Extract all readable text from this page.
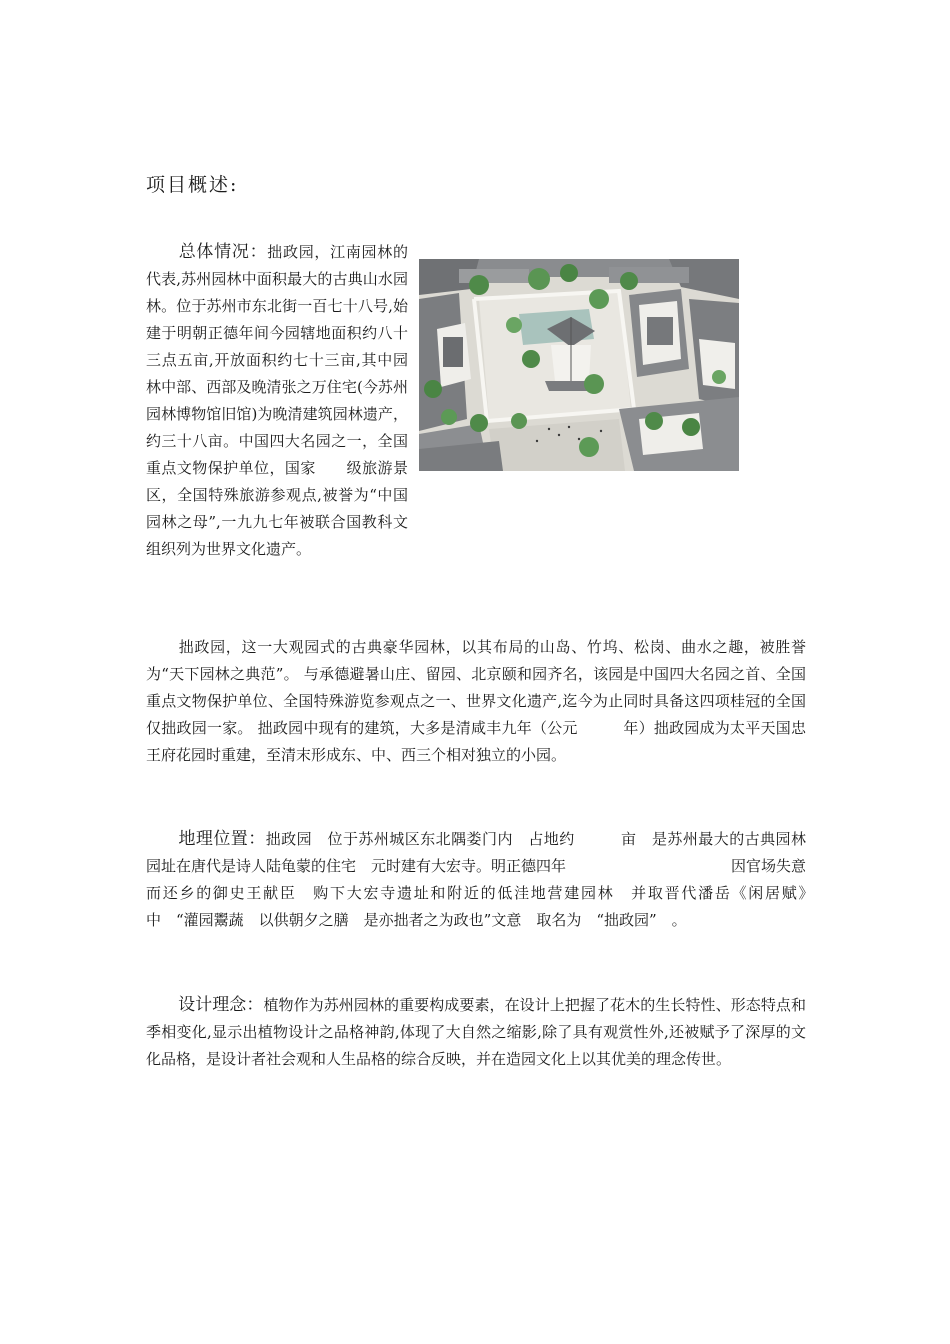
项目概述:
总体情况：拙政园，江南园林的代表,苏州园林中面积最大的古典山水园林。位于苏州市东北街一百七十八号,始建于明朝正德年间今园辖地面积约八十三点五亩,开放面积约七十三亩,其中园林中部、西部及晚清张之万住宅(今苏州园林博物馆旧馆)为晚清建筑园林遗产，约三十八亩。中国四大名园之一，全国重点文物保护单位，国家　　级旅游景区，全国特殊旅游参观点,被誉为“中国园林之母”,一九九七年被联合国教科文组织列为世界文化遗产。
拙政园，这一大观园式的古典豪华园林，以其布局的山岛、竹坞、松岗、曲水之趣，被胜誉为“天下园林之典范”。 与承德避暑山庄、留园、北京颐和园齐名，该园是中国四大名园之首、全国重点文物保护单位、全国特殊游览参观点之一、世界文化遗产,迄今为止同时具备这四项桂冠的全国仅拙政园一家。 拙政园中现有的建筑，大多是清咸丰九年（公元　　　年）拙政园成为太平天国忠王府花园时重建，至清末形成东、中、西三个相对独立的小园。
地理位置：拙政园　位于苏州城区东北隅娄门内　占地约　　　亩　是苏州最大的古典园林　园址在唐代是诗人陆龟蒙的住宅　元时建有大宏寺。明正德四年　　　　　　　　　　　因官场失意而还乡的御史王献臣　购下大宏寺遗址和附近的低洼地营建园林　并取晋代潘岳《闲居赋》　中　“灌园鬻蔬　以供朝夕之膳　是亦拙者之为政也”文意　取名为　“拙政园”　。
设计理念：植物作为苏州园林的重要构成要素，在设计上把握了花木的生长特性、形态特点和季相变化,显示出植物设计之品格神韵,体现了大自然之缩影,除了具有观赏性外,还被赋予了深厚的文化品格，是设计者社会观和人生品格的综合反映，并在造园文化上以其优美的理念传世。
